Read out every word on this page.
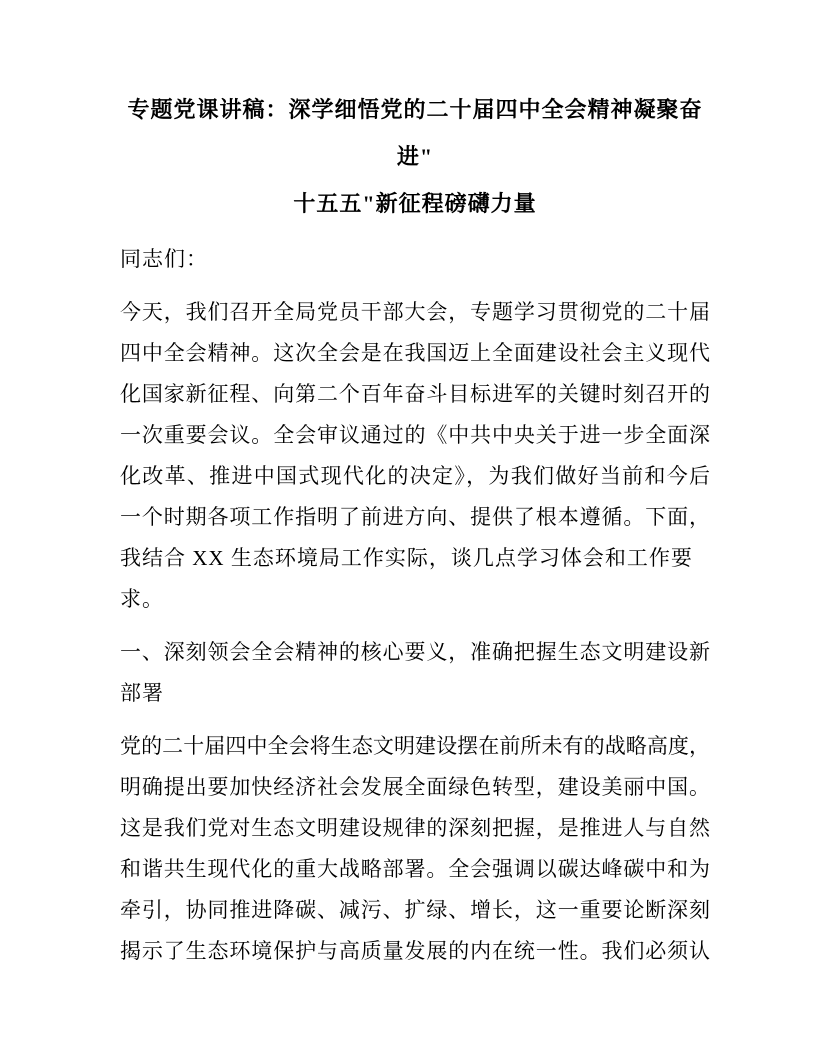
专题党课讲稿：深学细悟党的二十届四中全会精神凝聚奋进"
十五五"新征程磅礴力量
同志们：
今天，我们召开全局党员干部大会，专题学习贯彻党的二十届
四中全会精神。这次全会是在我国迈上全面建设社会主义现代
化国家新征程、向第二个百年奋斗目标进军的关键时刻召开的
一次重要会议。全会审议通过的《中共中央关于进一步全面深
化改革、推进中国式现代化的决定》，为我们做好当前和今后
一个时期各项工作指明了前进方向、提供了根本遵循。下面，
我结合 XX 生态环境局工作实际，谈几点学习体会和工作要求。
一、深刻领会全会精神的核心要义，准确把握生态文明建设新
部署
党的二十届四中全会将生态文明建设摆在前所未有的战略高度，
明确提出要加快经济社会发展全面绿色转型，建设美丽中国。
这是我们党对生态文明建设规律的深刻把握，是推进人与自然
和谐共生现代化的重大战略部署。全会强调以碳达峰碳中和为
牵引，协同推进降碳、减污、扩绿、增长，这一重要论断深刻
揭示了生态环境保护与高质量发展的内在统一性。我们必须认
